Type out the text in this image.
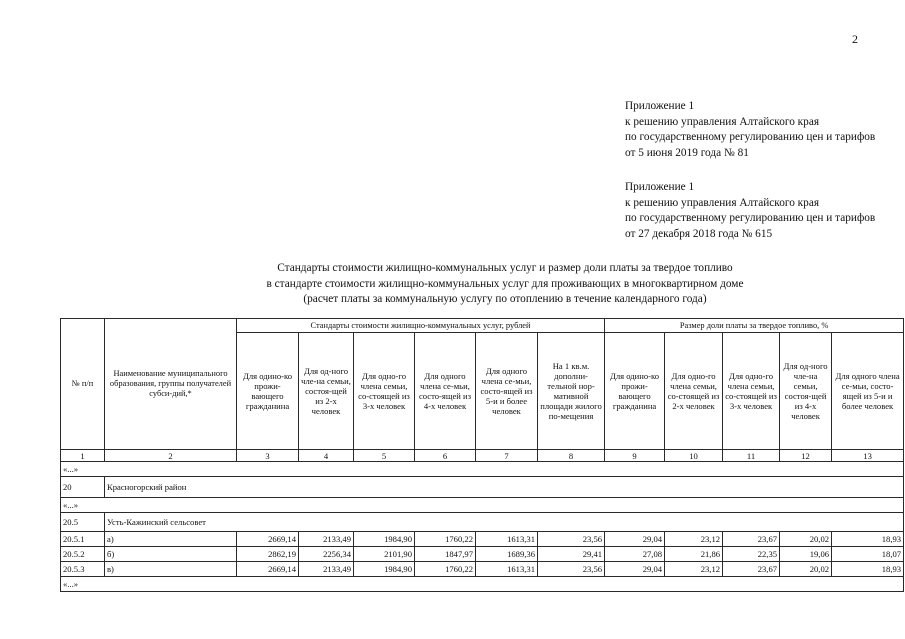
2
Приложение 1
к решению управления Алтайского края
по государственному регулированию цен и тарифов
от 5 июня 2019 года № 81
Приложение 1
к решению управления Алтайского края
по государственному регулированию цен и тарифов
от 27 декабря 2018 года № 615
Стандарты стоимости жилищно-коммунальных услуг и размер доли платы за твердое топливо
в стандарте стоимости жилищно-коммунальных услуг для проживающих в многоквартирном доме
(расчет платы за коммунальную услугу по отоплению в течение календарного года)
№ п/п	Наименование муниципального образования, группы получателей субси-дий,*	Стандарты стоимости жилищно-коммунальных услуг, рублей						Размер доли платы за твердое топливо, %				
		Для одино-ко прожи-вающего гражданина	Для од-ного чле-на семьи, состоя-щей из 2-х человек	Для одно-го члена семьи, со-стоящей из 3-х человек	Для одного члена се-мьи, состо-ящей из 4-х человек	Для одного члена се-мьи, состо-ящей из 5-и и более человек	На 1 кв.м. дополни-тельной нор-мативной площади жилого по-мещения	Для одино-ко прожи-вающего гражданина	Для одно-го члена семьи, со-стоящей из 2-х человек	Для одно-го члена семьи, со-стоящей из 3-х человек	Для од-ного чле-на семьи, состоя-щей из 4-х человек	Для одного члена се-мьи, состо-ящей из 5-и и более человек
1	2	3	4	5	6	7	8	9	10	11	12	13
«...»												
20	Красногорский район											
«...»												
20.5	Усть-Кажинский сельсовет											
20.5.1	а)	2669,14	2133,49	1984,90	1760,22	1613,31	23,56	29,04	23,12	23,67	20,02	18,93
20.5.2	б)	2862,19	2256,34	2101,90	1847,97	1689,36	29,41	27,08	21,86	22,35	19,06	18,07
20.5.3	в)	2669,14	2133,49	1984,90	1760,22	1613,31	23,56	29,04	23,12	23,67	20,02	18,93
«...»												
